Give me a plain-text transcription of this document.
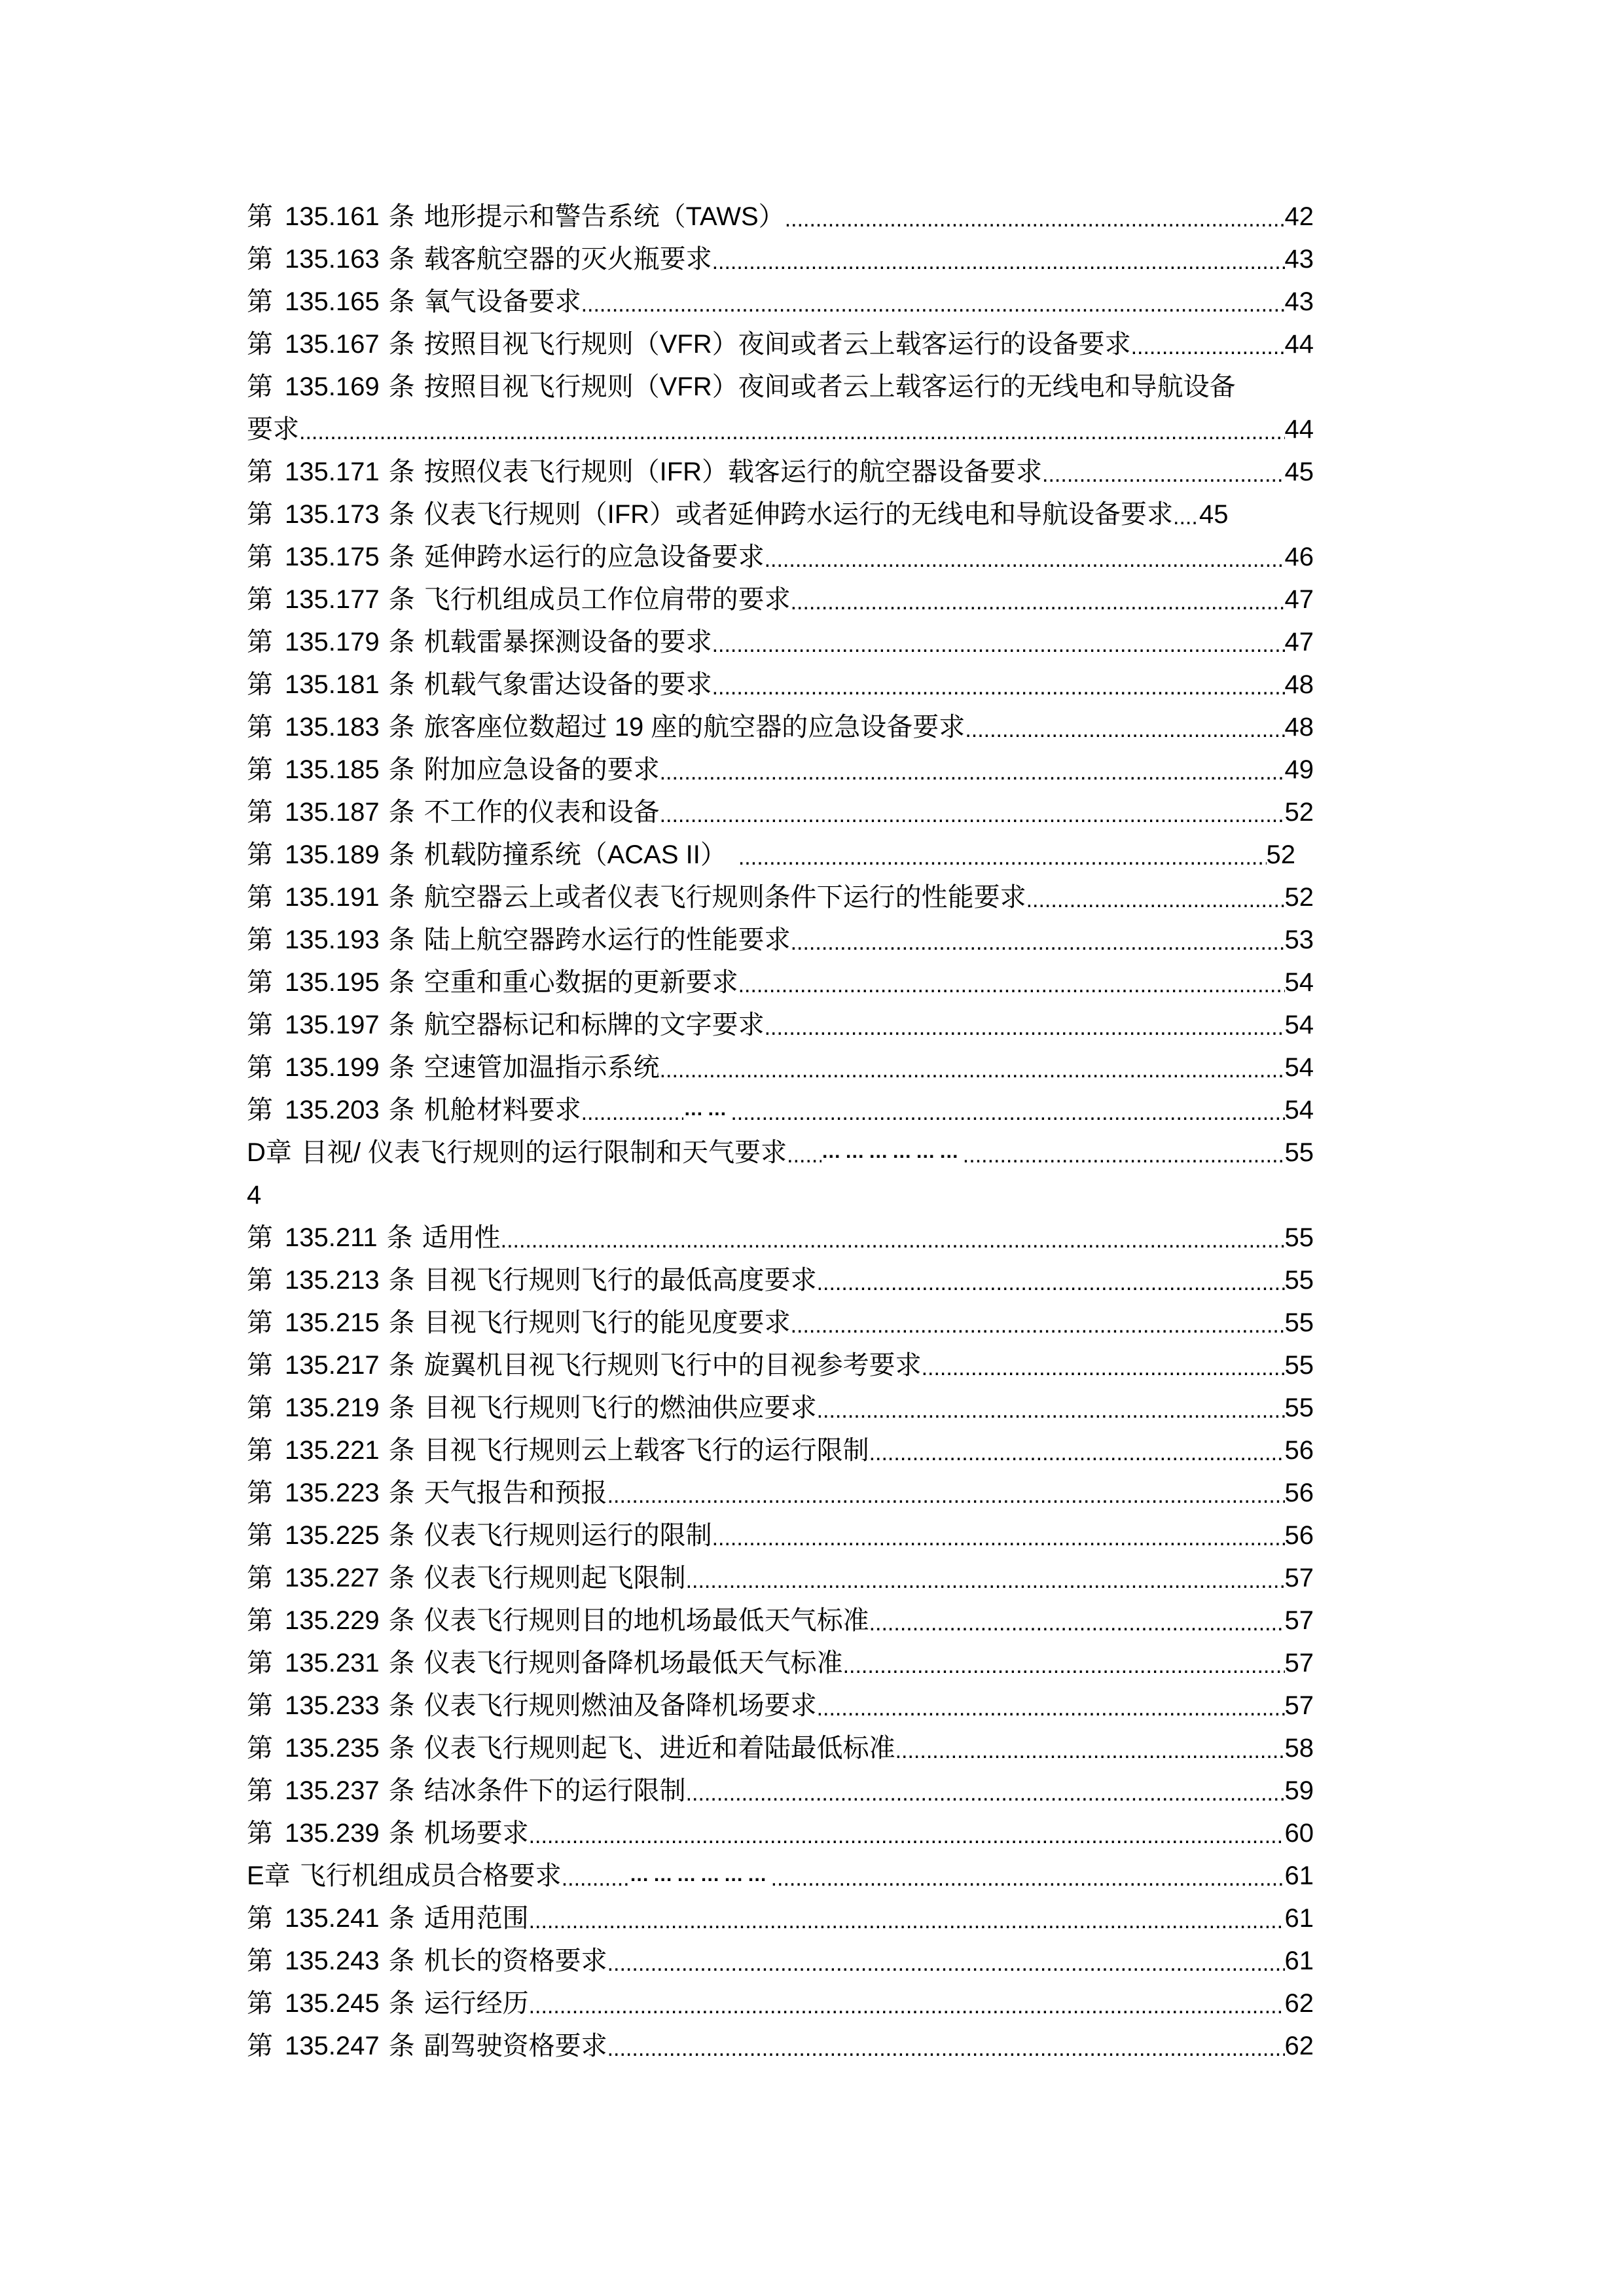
第 135.161 条 地形提示和警告系统（TAWS） .....	42
第 135.163 条 载客航空器的灭火瓶要求 .....	43
第 135.165 条 氧气设备要求 .....	43
第 135.167 条 按照目视飞行规则（VFR）夜间或者云上载客运行的设备要求 .....	44
第 135.169 条 按照目视飞行规则（VFR）夜间或者云上载客运行的无线电和导航设备
要求 .....	44
第 135.171 条 按照仪表飞行规则（IFR）载客运行的航空器设备要求 .....	45
第 135.173 条 仪表飞行规则（IFR）或者延伸跨水运行的无线电和导航设备要求 ..... 45
第 135.175 条 延伸跨水运行的应急设备要求 .....	46
第 135.177 条 飞行机组成员工作位肩带的要求 .....	47
第 135.179 条 机载雷暴探测设备的要求 .....	47
第 135.181 条 机载气象雷达设备的要求 .....	48
第 135.183 条 旅客座位数超过 19 座的航空器的应急设备要求 .....	48
第 135.185 条 附加应急设备的要求 .....	49
第 135.187 条 不工作的仪表和设备 .....	52
第 135.189 条 机载防撞系统（ACAS II） .....	52
第 135.191 条 航空器云上或者仪表飞行规则条件下运行的性能要求 .....	52
第 135.193 条 陆上航空器跨水运行的性能要求 .....	53
第 135.195 条 空重和重心数据的更新要求 .....	54
第 135.197 条 航空器标记和标牌的文字要求 .....	54
第 135.199 条 空速管加温指示系统 .....	54
第 135.203 条 机舱材料要求 .....	…… .....	54
D 章 目视/ 仪表飞行规则的运行限制和天气要求 ..... ……………… .....	55
4
第 135.211 条 适用性 .....	55
第 135.213 条 目视飞行规则飞行的最低高度要求 .....	55
第 135.215 条 目视飞行规则飞行的能见度要求 .....	55
第 135.217 条 旋翼机目视飞行规则飞行中的目视参考要求 .....	55
第 135.219 条 目视飞行规则飞行的燃油供应要求 .....	55
第 135.221 条 目视飞行规则云上载客飞行的运行限制 .....	56
第 135.223 条 天气报告和预报 .....	56
第 135.225 条 仪表飞行规则运行的限制 .....	56
第 135.227 条 仪表飞行规则起飞限制 .....	57
第 135.229 条 仪表飞行规则目的地机场最低天气标准 .....	57
第 135.231 条 仪表飞行规则备降机场最低天气标准 .....	57
第 135.233 条 仪表飞行规则燃油及备降机场要求 .....	57
第 135.235 条 仪表飞行规则起飞、进近和着陆最低标准 .....	58
第 135.237 条 结冰条件下的运行限制 .....	59
第 135.239 条 机场要求 .....	60
E 章 飞行机组成员合格要求 .....	……………… .....	61
第 135.241 条 适用范围 .....	61
第 135.243 条 机长的资格要求 .....	61
第 135.245 条 运行经历 .....	62
第 135.247 条 副驾驶资格要求 .....	62
